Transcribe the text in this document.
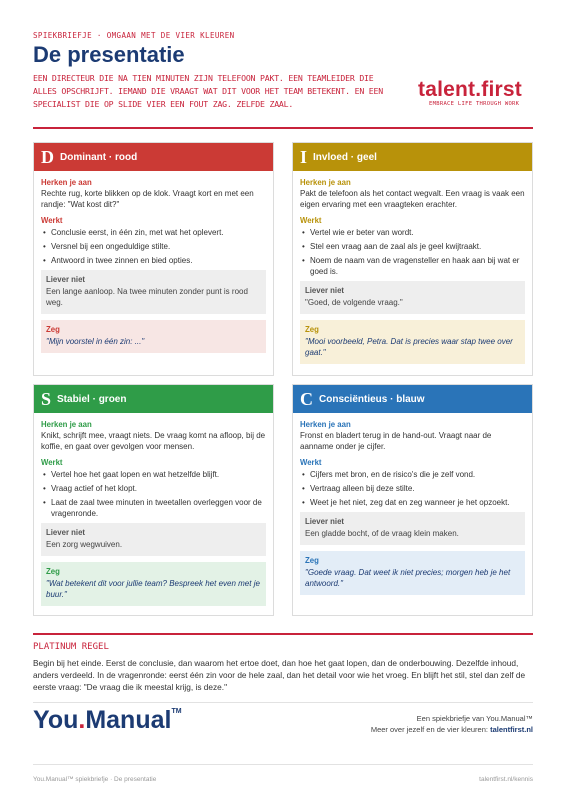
SPIEKBRIEFJE · OMGAAN MET DE VIER KLEUREN
De presentatie
EEN DIRECTEUR DIE NA TIEN MINUTEN ZIJN TELEFOON PAKT. EEN TEAMLEIDER DIE ALLES OPSCHRIJFT. IEMAND DIE VRAAGT WAT DIT VOOR HET TEAM BETEKENT. EN EEN SPECIALIST DIE OP SLIDE VIER EEN FOUT ZAG. ZELFDE ZAAL.
talent.first
EMBRACE LIFE THROUGH WORK
D Dominant · rood
Herken je aan
Rechte rug, korte blikken op de klok. Vraagt kort en met een randje: "Wat kost dit?"
Werkt
• Conclusie eerst, in één zin, met wat het oplevert.
• Versnel bij een ongeduldige stilte.
• Antwoord in twee zinnen en bied opties.
Liever niet
Een lange aanloop. Na twee minuten zonder punt is rood weg.
Zeg
"Mijn voorstel in één zin: ..."
I Invloed · geel
Herken je aan
Pakt de telefoon als het contact wegvalt. Een vraag is vaak een eigen ervaring met een vraagteken erachter.
Werkt
• Vertel wie er beter van wordt.
• Stel een vraag aan de zaal als je geel kwijtraakt.
• Noem de naam van de vragensteller en haak aan bij wat er goed is.
Liever niet
"Goed, de volgende vraag."
Zeg
"Mooi voorbeeld, Petra. Dat is precies waar stap twee over gaat."
S Stabiel · groen
Herken je aan
Knikt, schrijft mee, vraagt niets. De vraag komt na afloop, bij de koffie, en gaat over gevolgen voor mensen.
Werkt
• Vertel hoe het gaat lopen en wat hetzelfde blijft.
• Vraag actief of het klopt.
• Laat de zaal twee minuten in tweetallen overleggen voor de vragenronde.
Liever niet
Een zorg wegwuiven.
Zeg
"Wat betekent dit voor jullie team? Bespreek het even met je buur."
C Consciëntieus · blauw
Herken je aan
Fronst en bladert terug in de hand-out. Vraagt naar de aanname onder je cijfer.
Werkt
• Cijfers met bron, en de risico's die je zelf vond.
• Vertraag alleen bij deze stilte.
• Weet je het niet, zeg dat en zeg wanneer je het opzoekt.
Liever niet
Een gladde bocht, of de vraag klein maken.
Zeg
"Goede vraag. Dat weet ik niet precies; morgen heb je het antwoord."
PLATINUM REGEL
Begin bij het einde. Eerst de conclusie, dan waarom het ertoe doet, dan hoe het gaat lopen, dan de onderbouwing. Dezelfde inhoud, anders verdeeld. In de vragenronde: eerst één zin voor de hele zaal, dan het detail voor wie het vroeg. En blijft het stil, stel dan zelf de eerste vraag: "De vraag die ik meestal krijg, is deze."
You.Manual™
Een spiekbriefje van You.Manual™
Meer over jezelf en de vier kleuren: talentfirst.nl
You.Manual™ spiekbriefje · De presentatie	talentfirst.nl/kennis
